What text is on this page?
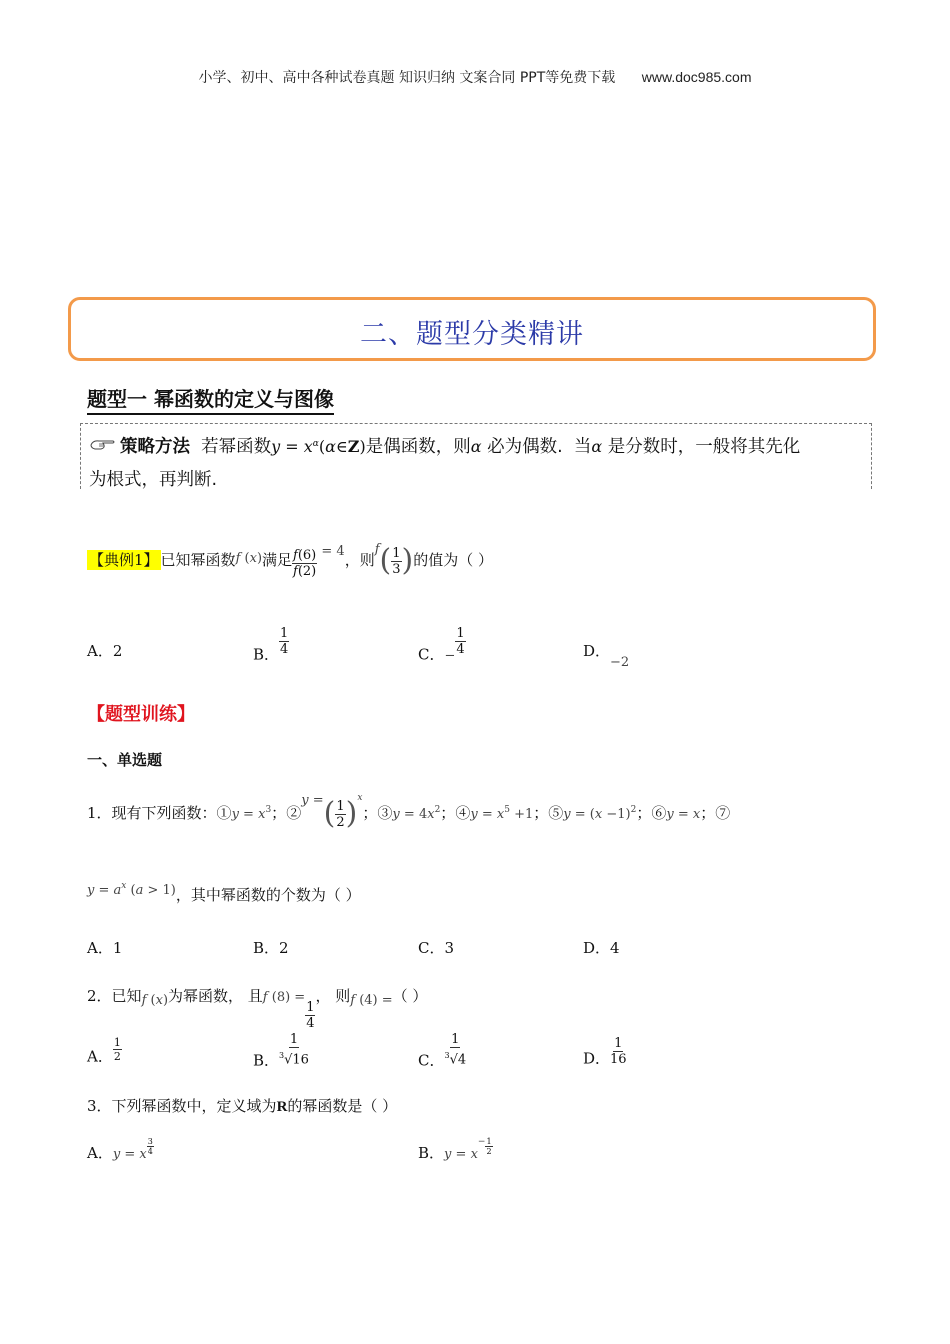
小学、初中、高中各种试卷真题 知识归纳 文案合同 PPT等免费下载 www.doc985.com
二、题型分类精讲
题型一 幂函数的定义与图像
策略方法 若幂函数$y = x^\alpha(\alpha\in Z)$是偶函数，则α 必为偶数.  当α 是分数时，一般将其先化
为根式，再判断.
【典例1】 已知幂函数f (x)满足 $\frac{f(6)}{f(2)} = 4$，则$f( \frac{1}{3}$ )的值为（ ）
A．2	B． $\frac{1}{4}$	C．− $\frac{1}{4}$	D．−2
【题型训练】
一、单选题
1．现有下列函数：①y = $x^3$；②y =( $\frac{1}{2} )^x$；③y = $4x^2$；④y = $x^5 +1$；⑤y = $(x -1)^2$；⑥y = x；⑦
$y = a^x$ (a > 1)，其中幂函数的个数为（ ）
A．1	B．2	C．3	D．4
2．已知f (x)为幂函数， 且f (8) =
$\frac{1}{4}$
， 则f (4) =（ ）
A． $\frac{1}{2}$	B． $\frac{1}{^3√16}$	C． $\frac{1}{^3√4}$	D． $\frac{1}{16}$
3．下列幂函数中，定义域为R的幂函数是（ ）
A．y = x $\frac{3}{4}$	B．$y = x^- \frac{1}{2}$
